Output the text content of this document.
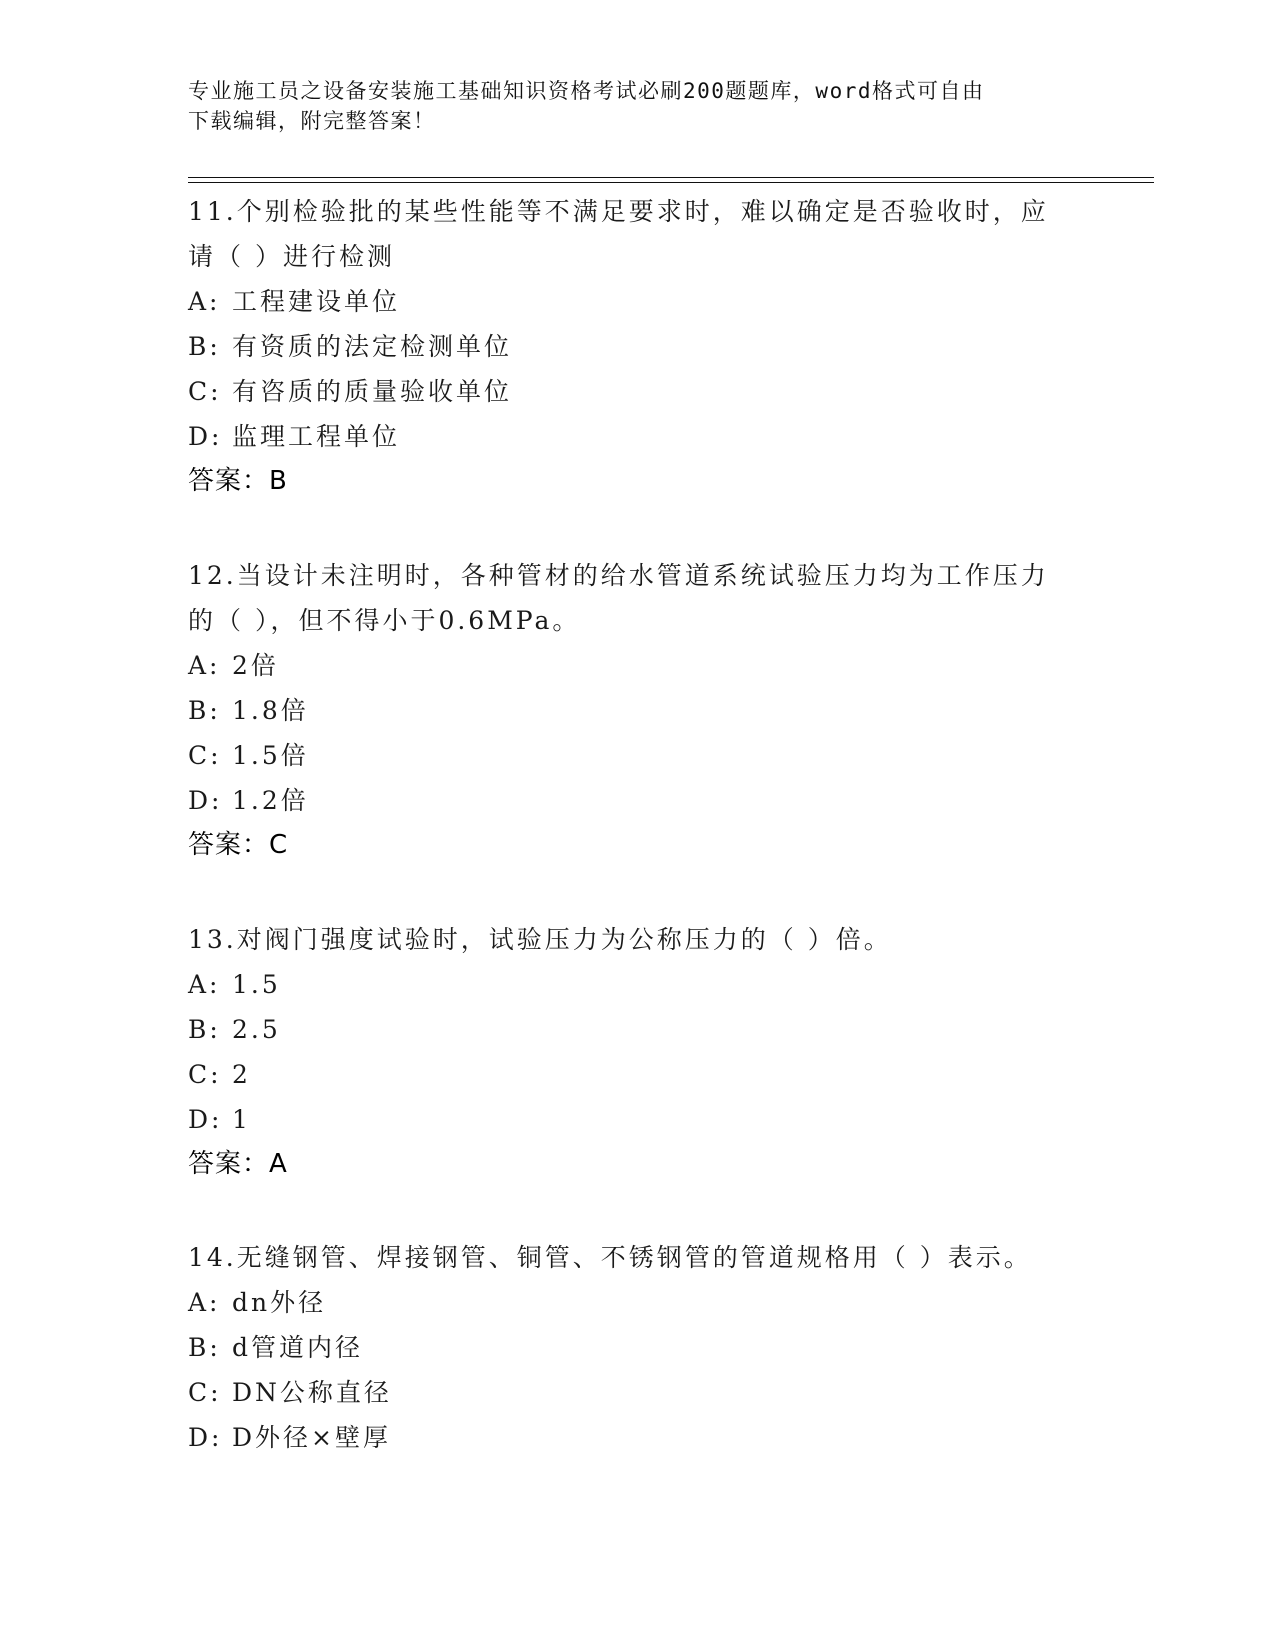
专业施工员之设备安装施工基础知识资格考试必刷200题题库，word格式可自由
下载编辑，附完整答案！

11.个别检验批的某些性能等不满足要求时，难以确定是否验收时，应

请（ ）进行检测

A: 工程建设单位

B: 有资质的法定检测单位

C: 有咨质的质量验收单位

D: 监理工程单位

答案：B

12.当设计未注明时，各种管材的给水管道系统试验压力均为工作压力

的（ ），但不得小于0.6MPa。

A: 2倍

B: 1.8倍

C: 1.5倍

D: 1.2倍

答案：C

13.对阀门强度试验时，试验压力为公称压力的（ ）倍。

A: 1.5

B: 2.5

C: 2

D: 1

答案：A

14.无缝钢管、焊接钢管、铜管、不锈钢管的管道规格用（ ）表示。

A: dn外径

B: d管道内径

C: DN公称直径

D: D外径×壁厚
